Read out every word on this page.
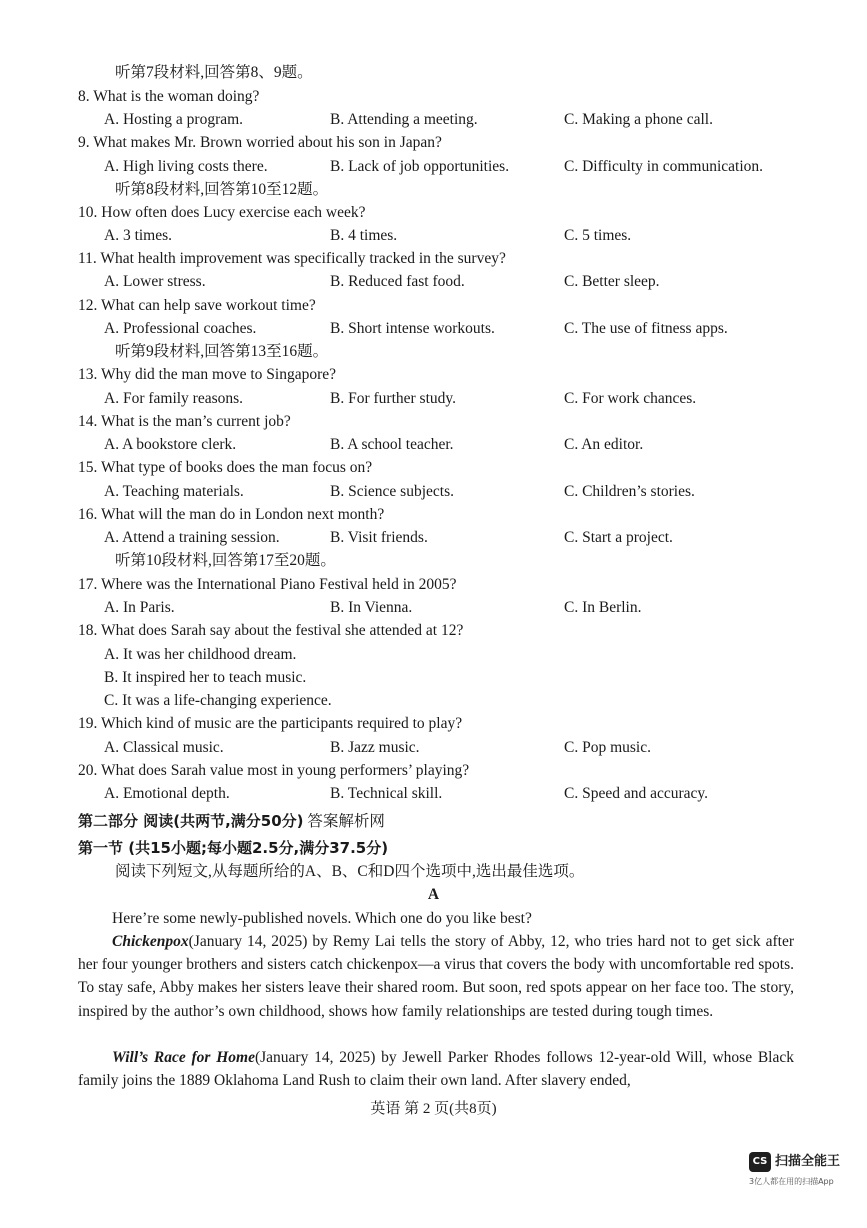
听第7段材料,回答第8、9题。
8. What is the woman doing?
A. Hosting a program.	B. Attending a meeting.	C. Making a phone call.
9. What makes Mr. Brown worried about his son in Japan?
A. High living costs there.	B. Lack of job opportunities.	C. Difficulty in communication.
听第8段材料,回答第10至12题。
10. How often does Lucy exercise each week?
A. 3 times.	B. 4 times.	C. 5 times.
11. What health improvement was specifically tracked in the survey?
A. Lower stress.	B. Reduced fast food.	C. Better sleep.
12. What can help save workout time?
A. Professional coaches.	B. Short intense workouts.	C. The use of fitness apps.
听第9段材料,回答第13至16题。
13. Why did the man move to Singapore?
A. For family reasons.	B. For further study.	C. For work chances.
14. What is the man’s current job?
A. A bookstore clerk.	B. A school teacher.	C. An editor.
15. What type of books does the man focus on?
A. Teaching materials.	B. Science subjects.	C. Children’s stories.
16. What will the man do in London next month?
A. Attend a training session.	B. Visit friends.	C. Start a project.
听第10段材料,回答第17至20题。
17. Where was the International Piano Festival held in 2005?
A. In Paris.	B. In Vienna.	C. In Berlin.
18. What does Sarah say about the festival she attended at 12?
A. It was her childhood dream.
B. It inspired her to teach music.
C. It was a life-changing experience.
19. Which kind of music are the participants required to play?
A. Classical music.	B. Jazz music.	C. Pop music.
20. What does Sarah value most in young performers’ playing?
A. Emotional depth.	B. Technical skill.	C. Speed and accuracy.
第二部分 阅读(共两节,满分50分) 答案解析网
第一节 (共15小题;每小题2.5分,满分37.5分)
阅读下列短文,从每题所给的A、B、C和D四个选项中,选出最佳选项。
A
Here’re some newly-published novels. Which one do you like best?
Chickenpox(January 14, 2025) by Remy Lai tells the story of Abby, 12, who tries hard not to get sick after her four younger brothers and sisters catch chickenpox—a virus that covers the body with uncomfortable red spots. To stay safe, Abby makes her sisters leave their shared room. But soon, red spots appear on her face too. The story, inspired by the author’s own childhood, shows how family relationships are tested during tough times.
Will’s Race for Home(January 14, 2025) by Jewell Parker Rhodes follows 12-year-old Will, whose Black family joins the 1889 Oklahoma Land Rush to claim their own land. After slavery ended,
英语 第 2 页(共8页)
CS 扫描全能王
3亿人都在用的扫描App
